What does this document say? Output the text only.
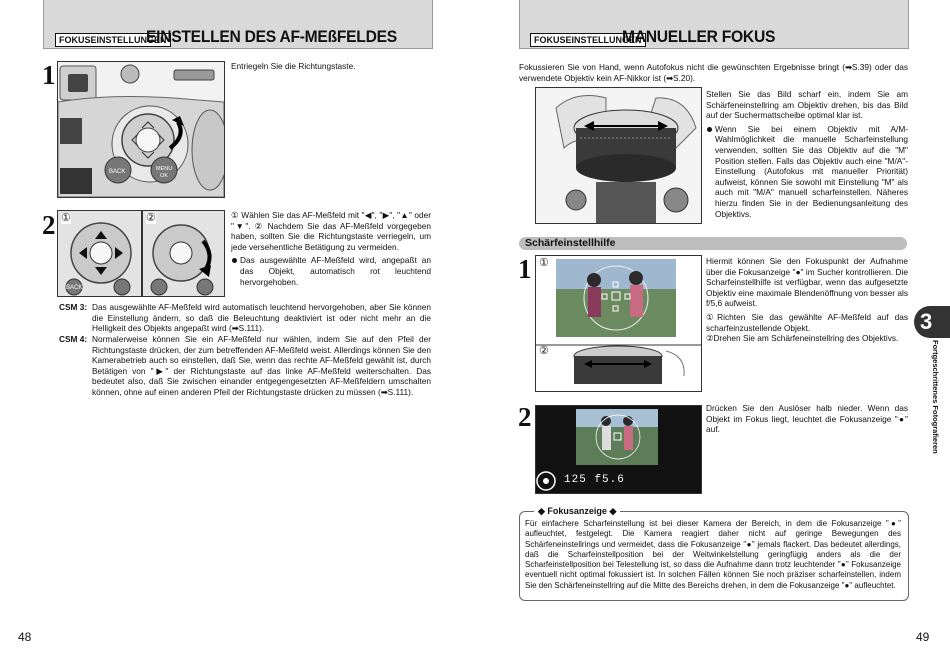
FOKUSEINSTELLUNGEN
EINSTELLEN DES AF-MEßFELDES
1
BACK	MENU
OK
Entriegeln Sie die Richtungstaste.
2 ①
BACK
②	① Wählen Sie das AF-Meßfeld mit "◀", "▶", "▲" oder "▼". ② Nachdem Sie das AF-Meßfeld vorgegeben haben, sollten Sie die Richtungstaste verriegeln, um jede versehentliche Betätigung zu vermeiden.

Das ausgewählte AF-Meßfeld wird, angepaßt an das Objekt, automatisch rot leuchtend hervorgehoben.

CSM 3: Das ausgewählte AF-Meßfeld wird automatisch leuchtend hervorgehoben, aber Sie können die Einstellung ändern, so daß die Beleuchtung deaktiviert ist oder nicht mehr an die Helligkeit des Objekts angepaßt wird (➡S.111).
CSM 4: Normalerweise können Sie ein AF-Meßfeld nur wählen, indem Sie auf den Pfeil der Richtungstaste drücken, der zum betreffenden AF-Meßfeld weist. Allerdings können Sie den Kamerabetrieb auch so einstellen, daß Sie, wenn das rechte AF-Meßfeld gewählt ist, durch Betätigen von "▶" der Richtungstaste auf das linke AF-Meßfeld weiterschalten. Das bedeutet also, daß Sie zwischen einander entgegengesetzten AF-Meßfeldern umschalten können, ohne auf einen anderen Pfeil der Richtungstaste drücken zu müssen (➡S.111).
48
FOKUSEINSTELLUNGEN
MANUELLER FOKUS
Fokussieren Sie von Hand, wenn Autofokus nicht die gewünschten Ergebnisse bringt (➡S.39) oder das verwendete Objektiv kein AF-Nikkor ist (➡S.20).

Stellen Sie das Bild scharf ein, indem Sie am Schärfeneinstellring am Objektiv drehen, bis das Bild auf der Suchermattscheibe optimal klar ist.

Wenn Sie bei einem Objektiv mit A/M-Wahlmöglichkeit die manuelle Scharfeinstellung verwenden, sollten Sie das Objektiv auf die "M" Position stellen. Falls das Objektiv auch eine "M/A"-Einstellung (Autofokus mit manueller Priorität) aufweist, können Sie sowohl mit Einstellung "M" als auch mit "M/A" manuell scharfeinstellen. Näheres hierzu finden Sie in der Bedienungsanleitung des Objektivs.

Schärfeinstellhilfe
1 ①
②

Hiermit können Sie den Fokuspunkt der Aufnahme über die Fokusanzeige "●" im Sucher kontrollieren. Die Scharfeinstellhilfe ist verfügbar, wenn das aufgesetzte Objektiv eine maximale Blendenöffnung von besser als f/5,6 aufweist.

①Richten Sie das gewählte AF-Meßfeld auf das scharfeinzustellende Objekt.

②Drehen Sie am Schärfeneinstellring des Objektivs.

2
125 f5.6
Drücken Sie den Auslöser halb nieder. Wenn das Objekt im Fokus liegt, leuchtet die Fokusanzeige "●" auf.
◆ Fokusanzeige ◆
Für einfachere Scharfeinstellung ist bei dieser Kamera der Bereich, in dem die Fokusanzeige "●" aufleuchtet, festgelegt. Die Kamera reagiert daher nicht auf geringe Bewegungen des Schärfeneinstellrings und vermeidet, dass die Fokusanzeige "●" jemals flackert. Das bedeutet allerdings, daß die Scharfeinstellposition bei der Weitwinkelstellung geringfügig anders als die der Scharfeinstellposition bei Telestellung ist, so dass die Aufnahme dann trotz leuchtender "●" Fokusanzeige eventuell nicht optimal fokussiert ist. In solchen Fällen können Sie noch präziser scharfeinstellen, indem Sie den Schärfeneinstellring auf die Mitte des Bereichs drehen, in dem die Fokusanzeige "●" aufleuchtet.
3
Fortgeschrittenes Fotografieren
49
